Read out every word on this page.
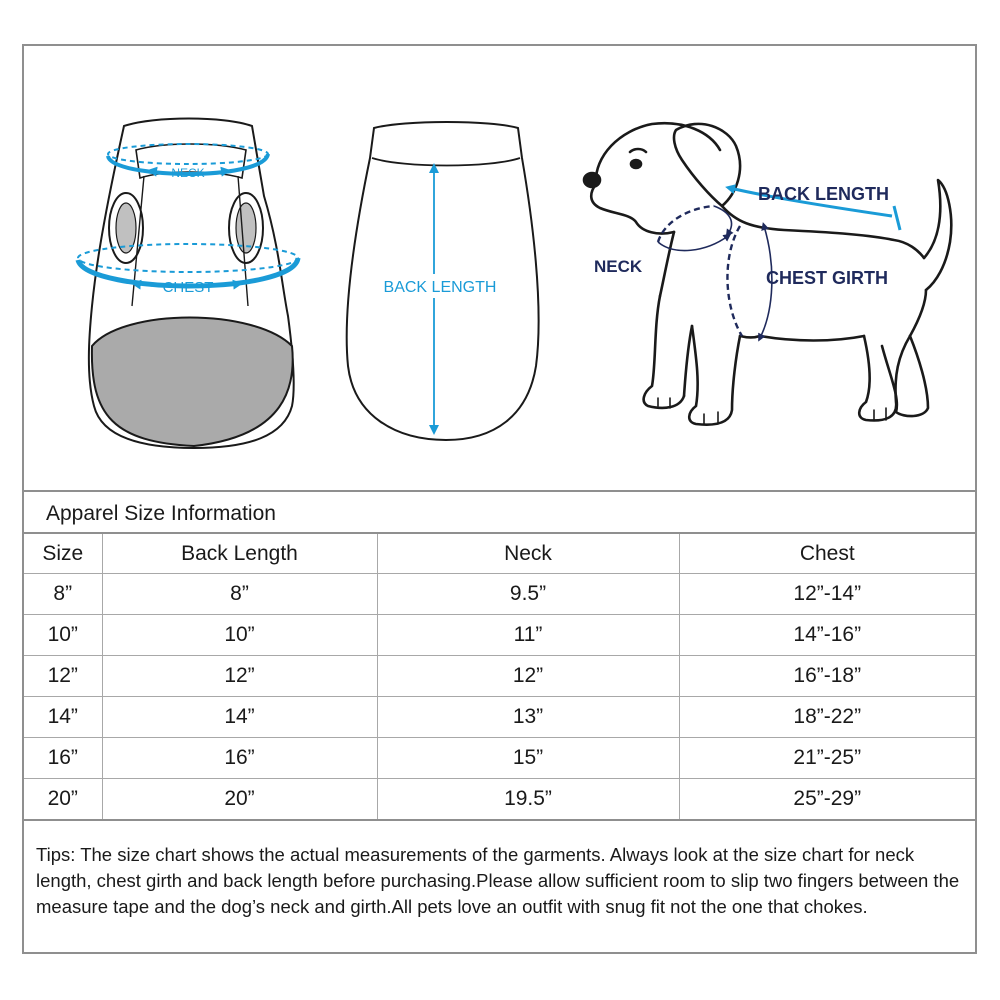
NECK
CHEST	BACK LENGTH
BACK LENGTH
NECK
CHEST GIRTH
Apparel Size Information
Size	Back Length	Neck	Chest
8”	8”	9.5”	12”-14”
10”	10”	11”	14”-16”
12”	12”	12”	16”-18”
14”	14”	13”	18”-22”
16”	16”	15”	21”-25”
20”	20”	19.5”	25”-29”
Tips: The size chart shows the actual measurements of the garments. Always look at the size chart for neck length, chest girth and back length before purchasing.Please allow sufficient room to slip two fingers between the measure tape and the dog’s neck and girth.All pets love an outfit with snug fit not the one that chokes.
